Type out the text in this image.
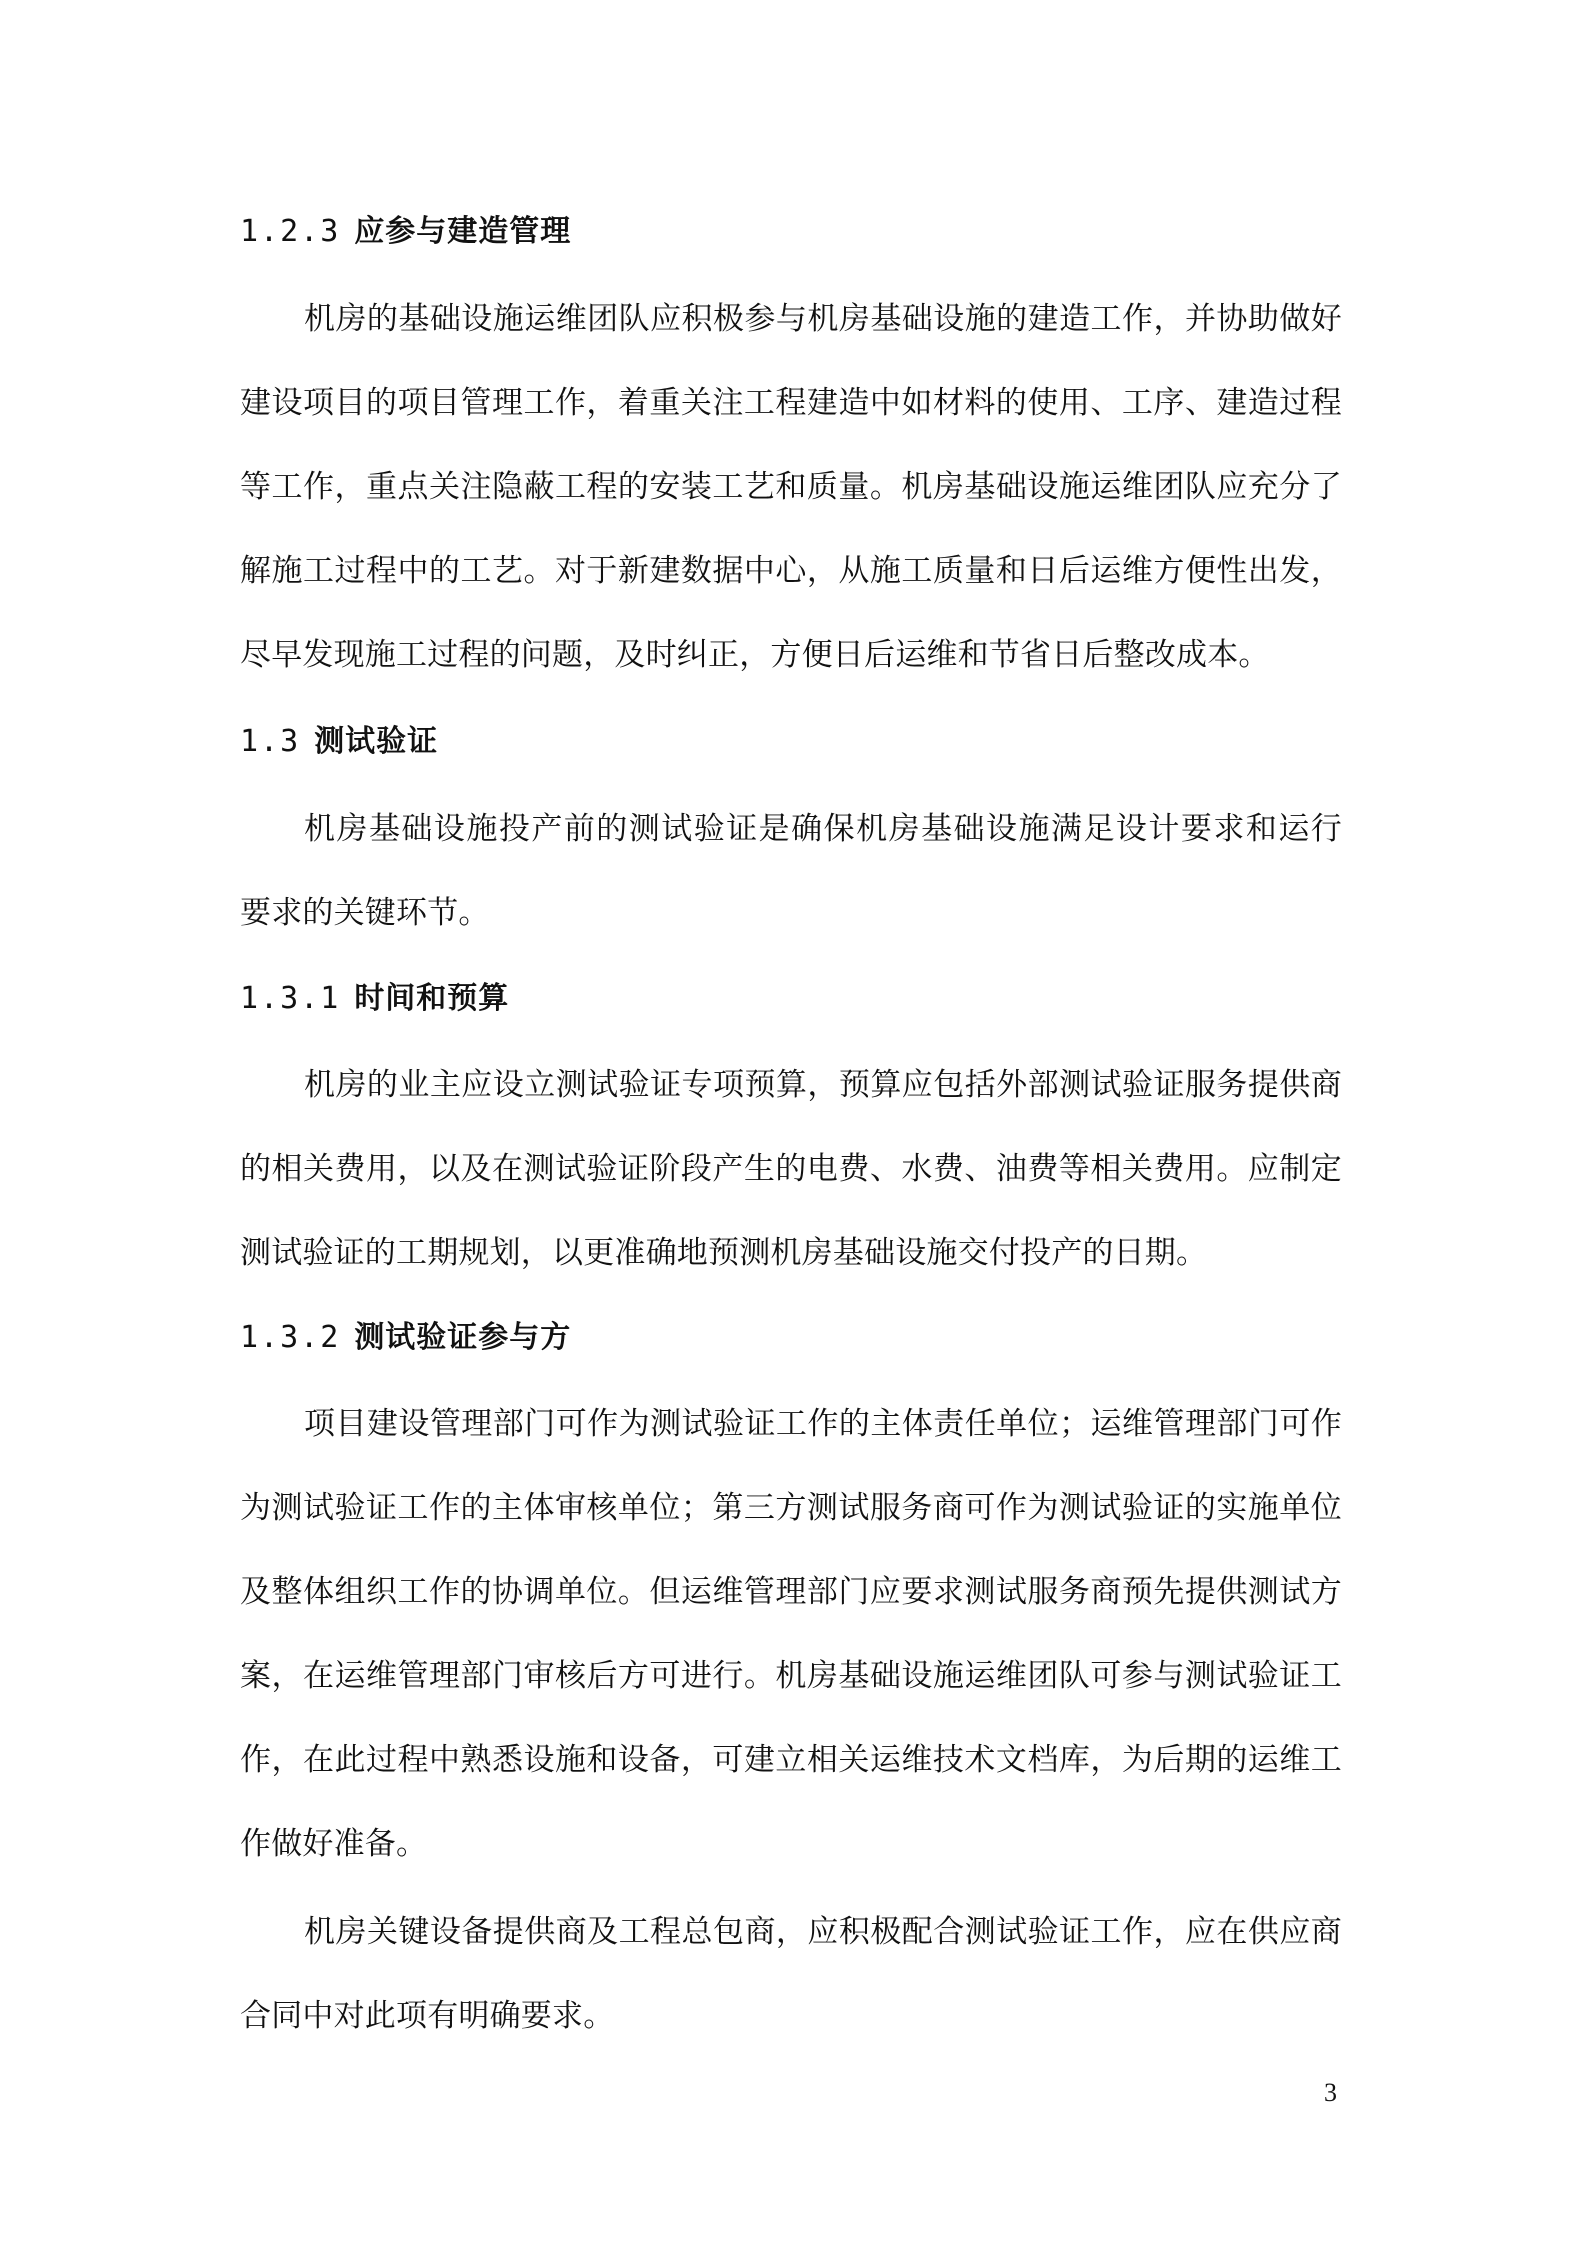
1.2.3 应参与建造管理
机房的基础设施运维团队应积极参与机房基础设施的建造工作，并协助做好
建设项目的项目管理工作，着重关注工程建造中如材料的使用、工序、建造过程
等工作，重点关注隐蔽工程的安装工艺和质量。机房基础设施运维团队应充分了
解施工过程中的工艺。对于新建数据中心，从施工质量和日后运维方便性出发，
尽早发现施工过程的问题，及时纠正，方便日后运维和节省日后整改成本。
1.3 测试验证
机房基础设施投产前的测试验证是确保机房基础设施满足设计要求和运行
要求的关键环节。
1.3.1 时间和预算
机房的业主应设立测试验证专项预算，预算应包括外部测试验证服务提供商
的相关费用，以及在测试验证阶段产生的电费、水费、油费等相关费用。应制定
测试验证的工期规划，以更准确地预测机房基础设施交付投产的日期。
1.3.2 测试验证参与方
项目建设管理部门可作为测试验证工作的主体责任单位；运维管理部门可作
为测试验证工作的主体审核单位；第三方测试服务商可作为测试验证的实施单位
及整体组织工作的协调单位。但运维管理部门应要求测试服务商预先提供测试方
案，在运维管理部门审核后方可进行。机房基础设施运维团队可参与测试验证工
作，在此过程中熟悉设施和设备，可建立相关运维技术文档库，为后期的运维工
作做好准备。
机房关键设备提供商及工程总包商，应积极配合测试验证工作，应在供应商
合同中对此项有明确要求。
3
